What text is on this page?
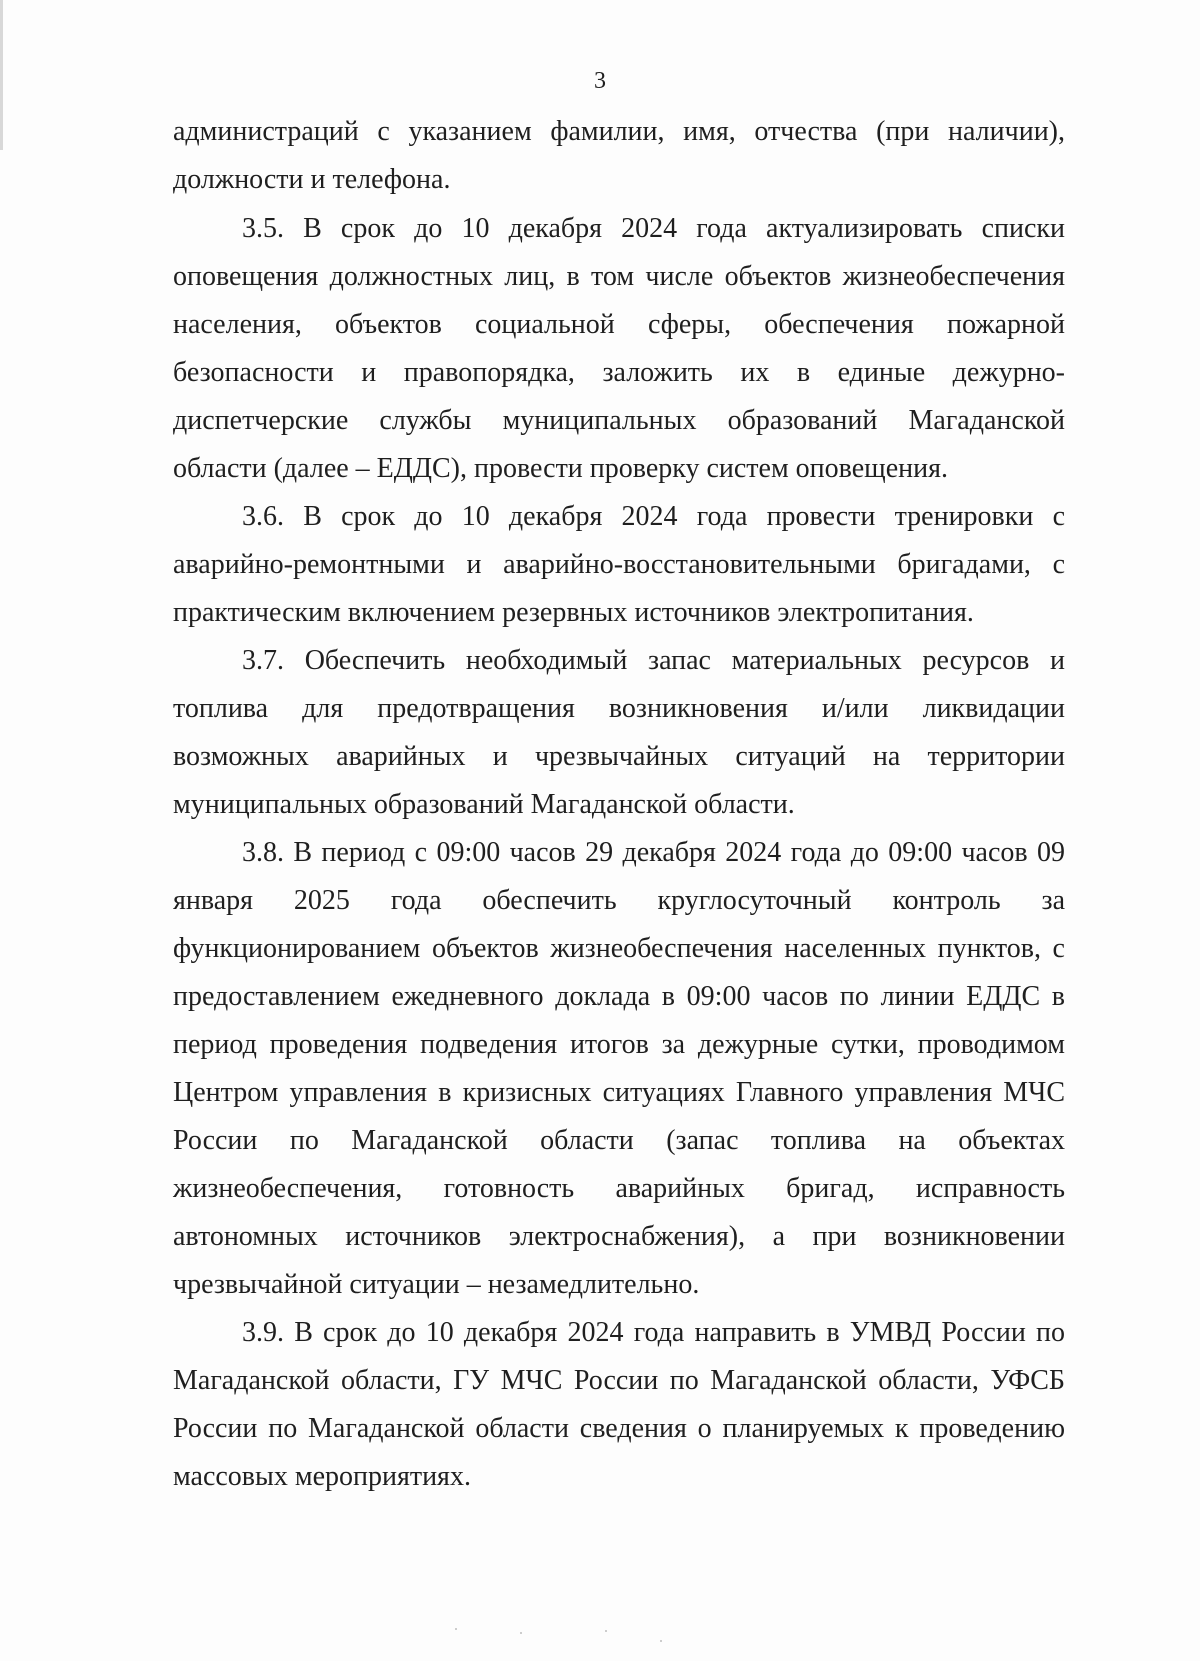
3

администраций с указанием фамилии, имя, отчества (при наличии), должности и телефона.

3.5. В срок до 10 декабря 2024 года актуализировать списки оповещения должностных лиц, в том числе объектов жизнеобеспечения населения, объектов социальной сферы, обеспечения пожарной безопасности и правопорядка, заложить их в единые дежурно-диспетчерские службы муниципальных образований Магаданской области (далее – ЕДДС), провести проверку систем оповещения.

3.6. В срок до 10 декабря 2024 года провести тренировки с аварийно-ремонтными и аварийно-восстановительными бригадами, с практическим включением резервных источников электропитания.

3.7. Обеспечить необходимый запас материальных ресурсов и топлива для предотвращения возникновения и/или ликвидации возможных аварийных и чрезвычайных ситуаций на территории муниципальных образований Магаданской области.

3.8. В период с 09:00 часов 29 декабря 2024 года до 09:00 часов 09 января 2025 года обеспечить круглосуточный контроль за функционированием объектов жизнеобеспечения населенных пунктов, с предоставлением ежедневного доклада в 09:00 часов по линии ЕДДС в период проведения подведения итогов за дежурные сутки, проводимом Центром управления в кризисных ситуациях Главного управления МЧС России по Магаданской области (запас топлива на объектах жизнеобеспечения, готовность аварийных бригад, исправность автономных источников электроснабжения), а при возникновении чрезвычайной ситуации – незамедлительно.

3.9. В срок до 10 декабря 2024 года направить в УМВД России по Магаданской области, ГУ МЧС России по Магаданской области, УФСБ России по Магаданской области сведения о планируемых к проведению массовых мероприятиях.
